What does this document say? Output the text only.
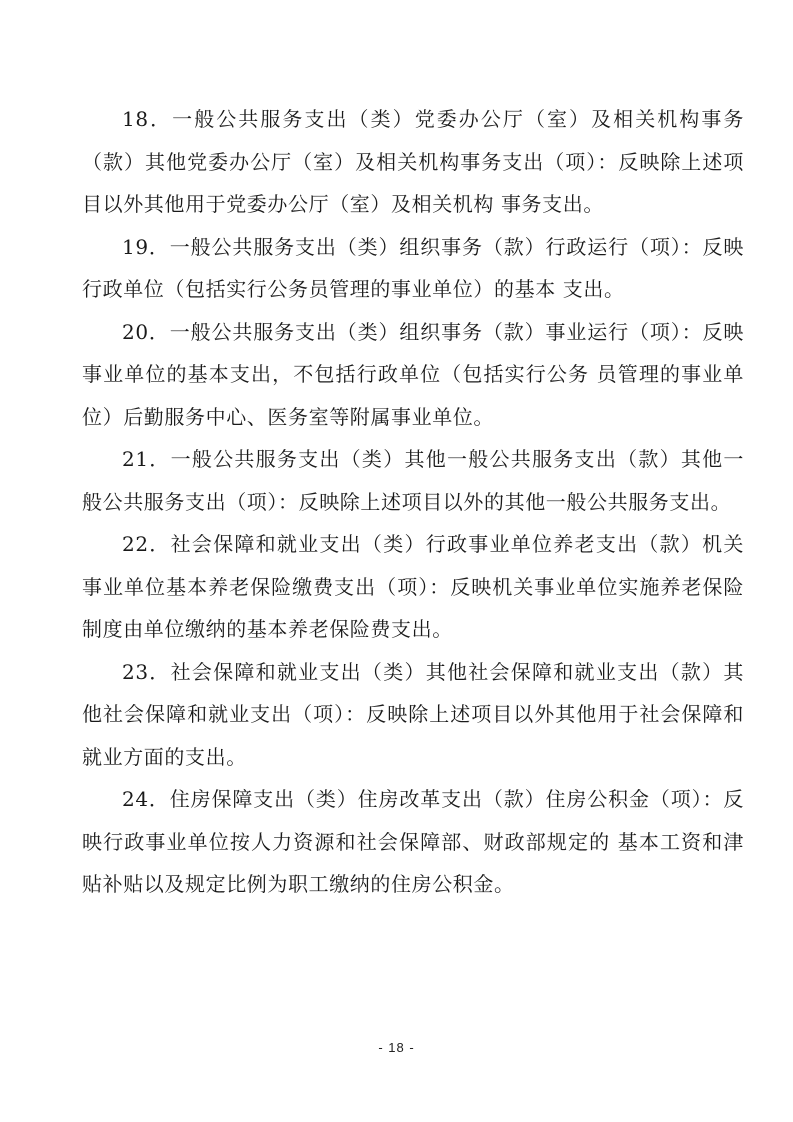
18．一般公共服务支出（类）党委办公厅（室）及相关机构事务（款）其他党委办公厅（室）及相关机构事务支出（项）：反映除上述项目以外其他用于党委办公厅（室）及相关机构 事务支出。

19．一般公共服务支出（类）组织事务（款）行政运行（项）：反映行政单位（包括实行公务员管理的事业单位）的基本 支出。

20．一般公共服务支出（类）组织事务（款）事业运行（项）：反映事业单位的基本支出，不包括行政单位（包括实行公务 员管理的事业单位）后勤服务中心、医务室等附属事业单位。

21．一般公共服务支出（类）其他一般公共服务支出（款）其他一般公共服务支出（项）：反映除上述项目以外的其他一般公共服务支出。

22．社会保障和就业支出（类）行政事业单位养老支出（款）机关事业单位基本养老保险缴费支出（项）：反映机关事业单位实施养老保险制度由单位缴纳的基本养老保险费支出。

23．社会保障和就业支出（类）其他社会保障和就业支出（款）其他社会保障和就业支出（项）：反映除上述项目以外其他用于社会保障和就业方面的支出。

24．住房保障支出（类）住房改革支出（款）住房公积金（项）：反映行政事业单位按人力资源和社会保障部、财政部规定的 基本工资和津贴补贴以及规定比例为职工缴纳的住房公积金。

- 18 -
